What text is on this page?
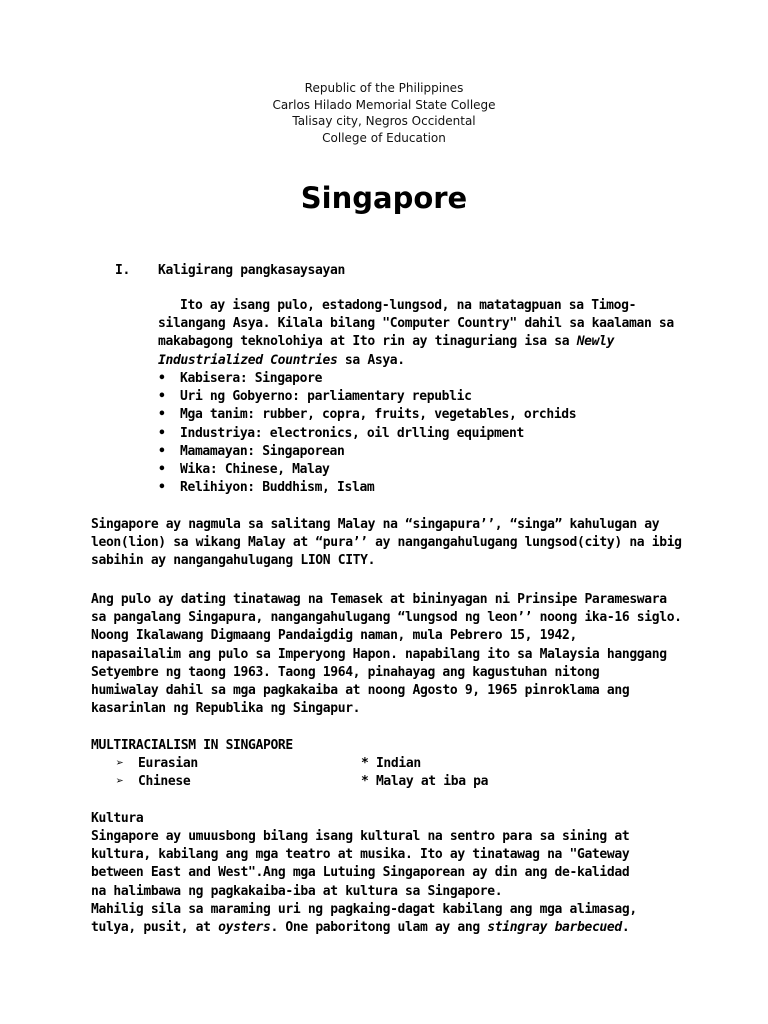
Republic of the Philippines
Carlos Hilado Memorial State College
Talisay city, Negros Occidental
College of Education
Singapore
I. Kaligirang pangkasaysayan
Ito ay isang pulo, estadong-lungsod, na matatagpuan sa Timog-
silangang Asya. Kilala bilang "Computer Country" dahil sa kaalaman sa
makabagong teknolohiya at Ito rin ay tinaguriang isa sa Newly
Industrialized Countries sa Asya.
• Kabisera: Singapore
• Uri ng Gobyerno: parliamentary republic
• Mga tanim: rubber, copra, fruits, vegetables, orchids
• Industriya: electronics, oil drlling equipment
• Mamamayan: Singaporean
• Wika: Chinese, Malay
• Relihiyon: Buddhism, Islam
Singapore ay nagmula sa salitang Malay na “singapura’’, “singa” kahulugan ay
leon(lion) sa wikang Malay at “pura’’ ay nangangahulugang lungsod(city) na ibig
sabihin ay nangangahulugang LION CITY.
Ang pulo ay dating tinatawag na Temasek at bininyagan ni Prinsipe Parameswara
sa pangalang Singapura, nangangahulugang “lungsod ng leon’’ noong ika-16 siglo.
Noong Ikalawang Digmaang Pandaigdig naman, mula Pebrero 15, 1942,
napasailalim ang pulo sa Imperyong Hapon. napabilang ito sa Malaysia hanggang
Setyembre ng taong 1963. Taong 1964, pinahayag ang kagustuhan nitong
humiwalay dahil sa mga pagkakaiba at noong Agosto 9, 1965 pinroklama ang
kasarinlan ng Republika ng Singapur.
MULTIRACIALISM IN SINGAPORE
➢ Eurasian
➢ Chinese
* Indian
* Malay at iba pa
Kultura
Singapore ay umuusbong bilang isang kultural na sentro para sa sining at
kultura, kabilang ang mga teatro at musika. Ito ay tinatawag na "Gateway
between East and West".Ang mga Lutuing Singaporean ay din ang de-kalidad
na halimbawa ng pagkakaiba-iba at kultura sa Singapore.
Mahilig sila sa maraming uri ng pagkaing-dagat kabilang ang mga alimasag,
tulya, pusit, at oysters. One paboritong ulam ay ang stingray barbecued.
